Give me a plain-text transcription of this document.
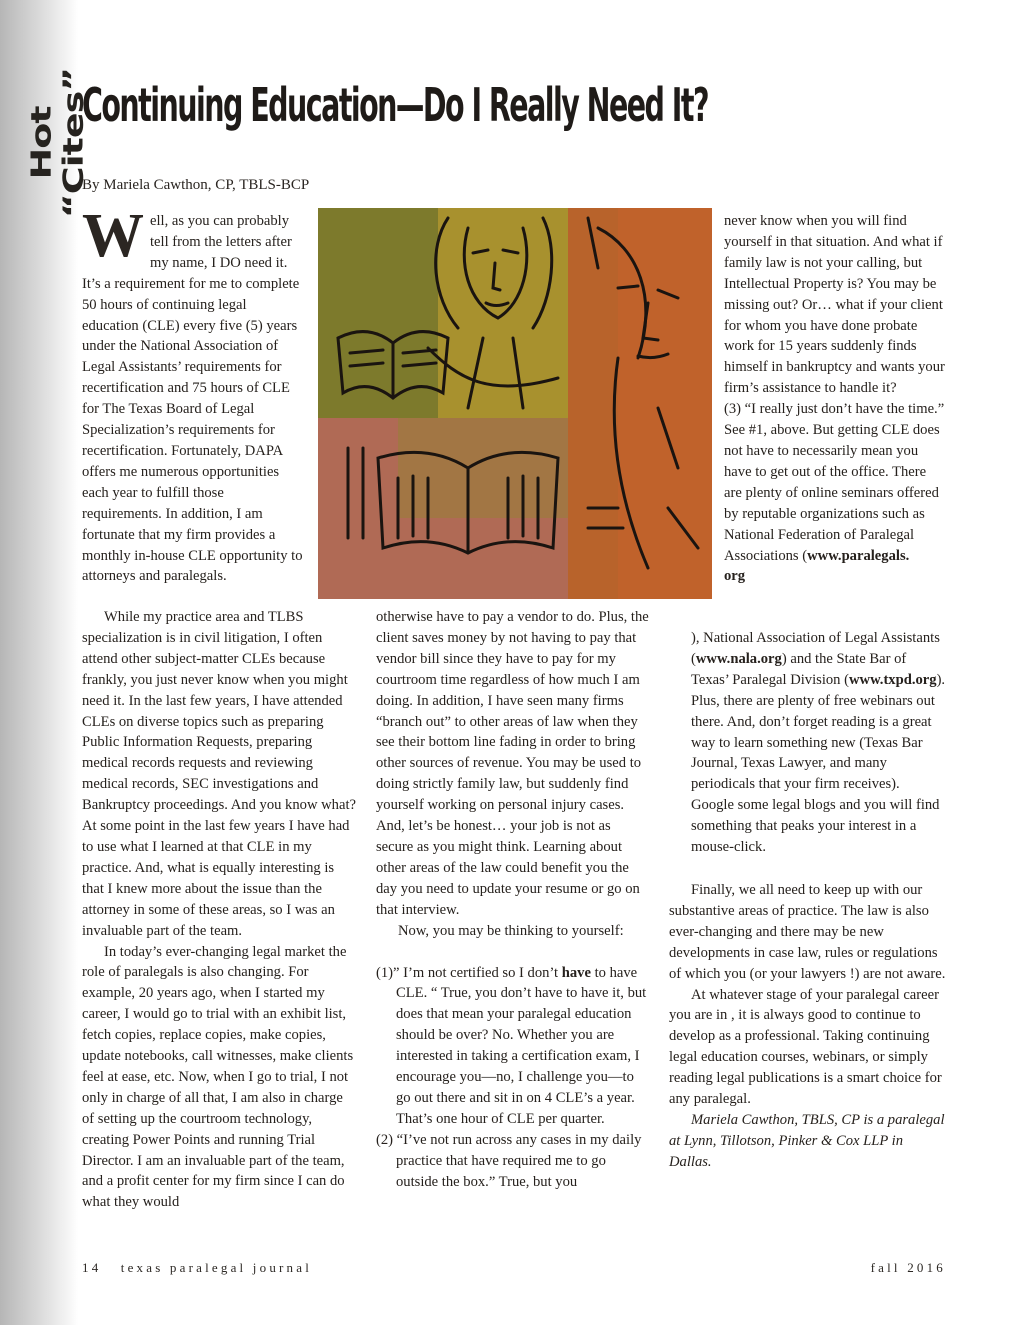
Hot “Cites”
Continuing Education—Do I Really Need It?
By Mariela Cawthon, CP, TBLS-BCP

Well, as you can probably tell from the letters after my name, I DO need it. It’s a requirement for me to complete 50 hours of continuing legal education (CLE) every five (5) years under the National Association of Legal Assistants’ requirements for recertification and 75 hours of CLE for The Texas Board of Legal Specialization’s requirements for recertification. Fortunately, DAPA offers me numerous opportunities each year to fulfill those requirements. In addition, I am fortunate that my firm provides a monthly in-house CLE opportunity to attorneys and paralegals.

While my practice area and TLBS specialization is in civil litigation, I often attend other subject-matter CLEs because frankly, you just never know when you might need it. In the last few years, I have attended CLEs on diverse topics such as preparing Public Information Requests, preparing medical records requests and reviewing medical records, SEC investigations and Bankruptcy proceedings. And you know what? At some point in the last few years I have had to use what I learned at that CLE in my practice. And, what is equally interesting is that I knew more about the issue than the attorney in some of these areas, so I was an invaluable part of the team.

In today’s ever-changing legal market the role of paralegals is also changing. For example, 20 years ago, when I started my career, I would go to trial with an exhibit list, fetch copies, replace copies, make copies, update notebooks, call witnesses, make clients feel at ease, etc. Now, when I go to trial, I not only in charge of all that, I am also in charge of setting up the courtroom technology, creating Power Points and running Trial Director. I am an invaluable part of the team, and a profit center for my firm since I can do what they would

otherwise have to pay a vendor to do. Plus, the client saves money by not having to pay that vendor bill since they have to pay for my courtroom time regardless of how much I am doing. In addition, I have seen many firms “branch out” to other areas of law when they see their bottom line fading in order to bring other sources of revenue. You may be used to doing strictly family law, but suddenly find yourself working on personal injury cases. And, let’s be honest… your job is not as secure as you might think. Learning about other areas of the law could benefit you the day you need to update your resume or go on that interview.

Now, you may be thinking to yourself:

(1)” I’m not certified so I don’t have to have CLE. “ True, you don’t have to have it, but does that mean your paralegal education should be over? No. Whether you are interested in taking a certification exam, I encourage you—no, I challenge you—to go out there and sit in on 4 CLE’s a year. That’s one hour of CLE per quarter.

(2) “I’ve not run across any cases in my daily practice that have required me to go outside the box.” True, but you

never know when you will find yourself in that situation. And what if family law is not your calling, but Intellectual Property is? You may be missing out? Or… what if your client for whom you have done probate work for 15 years suddenly finds himself in bankruptcy and wants your firm’s assistance to handle it?

(3) “I really just don’t have the time.” See #1, above. But getting CLE does not have to necessarily mean you have to get out of the office. There are plenty of online seminars offered by reputable organizations such as National Federation of Paralegal Associations (www.paralegals.
org

), National Association of Legal Assistants (www.nala.org) and the State Bar of Texas’ Paralegal Division (www.txpd.org). Plus, there are plenty of free webinars out there. And, don’t forget reading is a great way to learn something new (Texas Bar Journal, Texas Lawyer, and many periodicals that your firm receives). Google some legal blogs and you will find something that peaks your interest in a mouse-click.

Finally, we all need to keep up with our substantive areas of practice. The law is also ever-changing and there may be new developments in case law, rules or regulations of which you (or your lawyers !) are not aware.

At whatever stage of your paralegal career you are in , it is always good to continue to develop as a professional. Taking continuing legal education courses, webinars, or simply reading legal publications is a smart choice for any paralegal.

Mariela Cawthon, TBLS, CP is a paralegal at Lynn, Tillotson, Pinker & Cox LLP in Dallas.

14 texas paralegal journal	fall 2016
